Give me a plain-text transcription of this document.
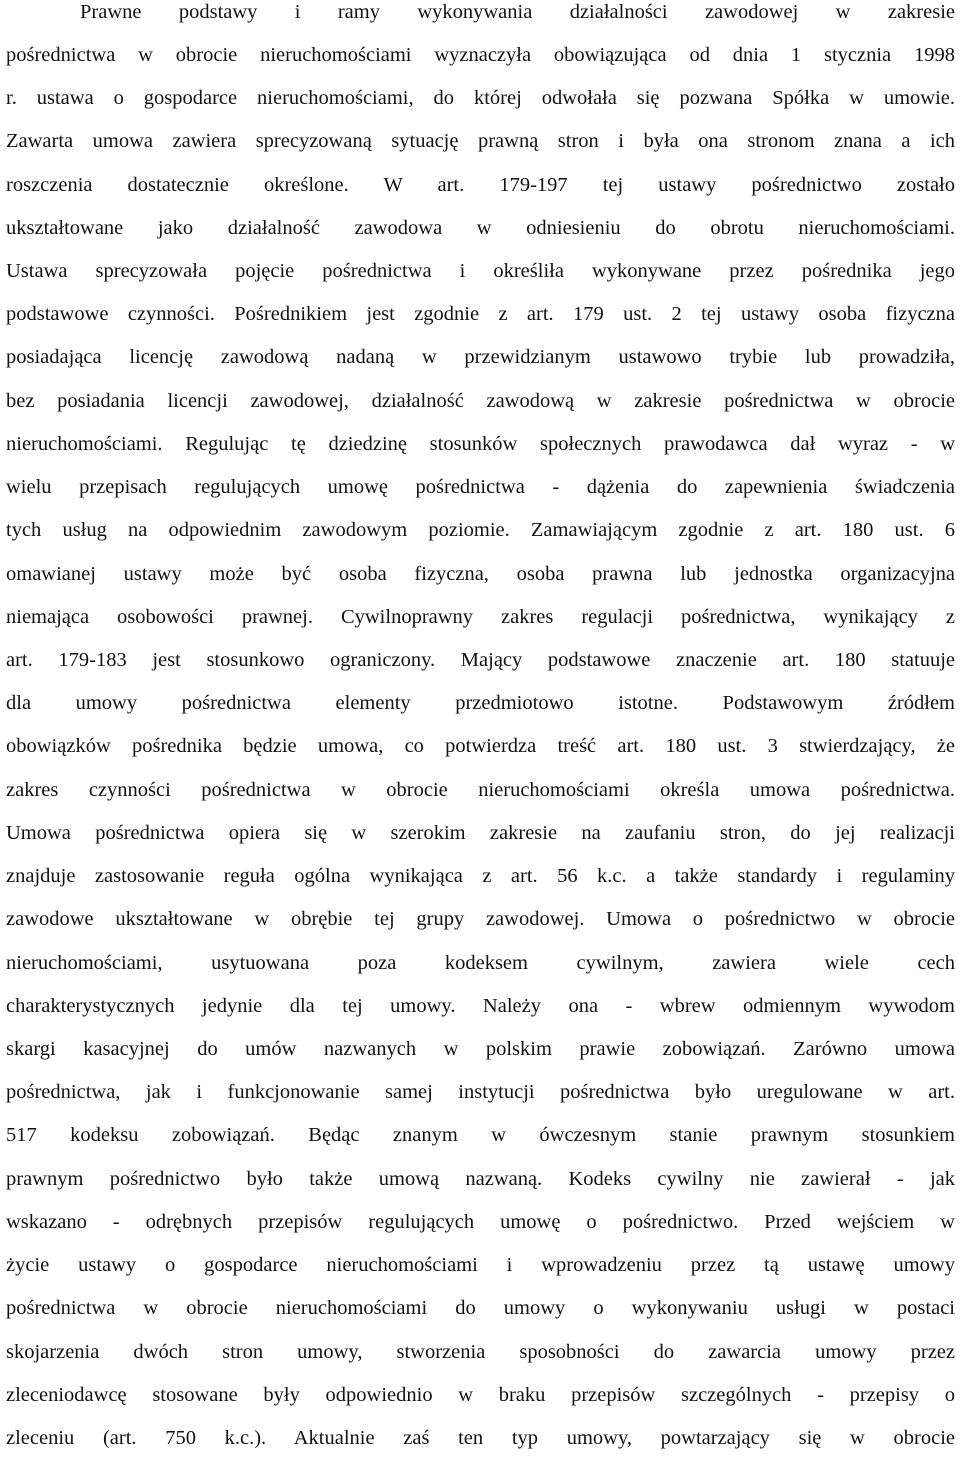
Prawne podstawy i ramy wykonywania działalności zawodowej w zakresie
pośrednictwa w obrocie nieruchomościami wyznaczyła obowiązująca od dnia 1 stycznia 1998
r. ustawa o gospodarce nieruchomościami, do której odwołała się pozwana Spółka w umowie.
Zawarta umowa zawiera sprecyzowaną sytuację prawną stron i była ona stronom znana a ich
roszczenia dostatecznie określone. W art. 179-197 tej ustawy pośrednictwo zostało
ukształtowane jako działalność zawodowa w odniesieniu do obrotu nieruchomościami.
Ustawa sprecyzowała pojęcie pośrednictwa i określiła wykonywane przez pośrednika jego
podstawowe czynności. Pośrednikiem jest zgodnie z art. 179 ust. 2 tej ustawy osoba fizyczna
posiadająca licencję zawodową nadaną w przewidzianym ustawowo trybie lub prowadziła,
bez posiadania licencji zawodowej, działalność zawodową w zakresie pośrednictwa w obrocie
nieruchomościami. Regulując tę dziedzinę stosunków społecznych prawodawca dał wyraz - w
wielu przepisach regulujących umowę pośrednictwa - dążenia do zapewnienia świadczenia
tych usług na odpowiednim zawodowym poziomie. Zamawiającym zgodnie z art. 180 ust. 6
omawianej ustawy może być osoba fizyczna, osoba prawna lub jednostka organizacyjna
niemająca osobowości prawnej. Cywilnoprawny zakres regulacji pośrednictwa, wynikający z
art. 179-183 jest stosunkowo ograniczony. Mający podstawowe znaczenie art. 180 statuuje
dla umowy pośrednictwa elementy przedmiotowo istotne. Podstawowym źródłem
obowiązków pośrednika będzie umowa, co potwierdza treść art. 180 ust. 3 stwierdzający, że
zakres czynności pośrednictwa w obrocie nieruchomościami określa umowa pośrednictwa.
Umowa pośrednictwa opiera się w szerokim zakresie na zaufaniu stron, do jej realizacji
znajduje zastosowanie reguła ogólna wynikająca z art. 56 k.c. a także standardy i regulaminy
zawodowe ukształtowane w obrębie tej grupy zawodowej. Umowa o pośrednictwo w obrocie
nieruchomościami, usytuowana poza kodeksem cywilnym, zawiera wiele cech
charakterystycznych jedynie dla tej umowy. Należy ona - wbrew odmiennym wywodom
skargi kasacyjnej do umów nazwanych w polskim prawie zobowiązań. Zarówno umowa
pośrednictwa, jak i funkcjonowanie samej instytucji pośrednictwa było uregulowane w art.
517 kodeksu zobowiązań. Będąc znanym w ówczesnym stanie prawnym stosunkiem
prawnym pośrednictwo było także umową nazwaną. Kodeks cywilny nie zawierał - jak
wskazano - odrębnych przepisów regulujących umowę o pośrednictwo. Przed wejściem w
życie ustawy o gospodarce nieruchomościami i wprowadzeniu przez tą ustawę umowy
pośrednictwa w obrocie nieruchomościami do umowy o wykonywaniu usługi w postaci
skojarzenia dwóch stron umowy, stworzenia sposobności do zawarcia umowy przez
zleceniodawcę stosowane były odpowiednio w braku przepisów szczególnych - przepisy o
zleceniu (art. 750 k.c.). Aktualnie zaś ten typ umowy, powtarzający się w obrocie
